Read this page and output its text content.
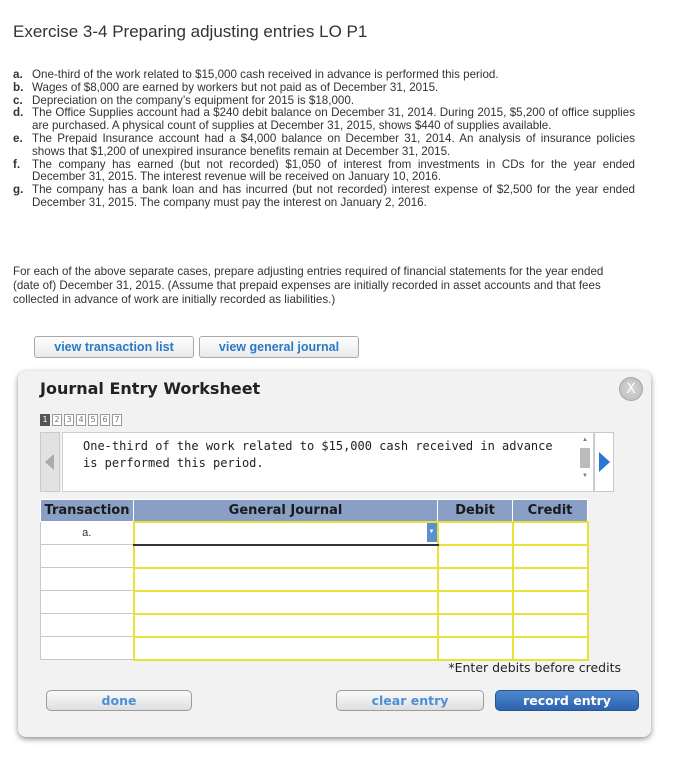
Exercise 3-4 Preparing adjusting entries LO P1
a. One-third of the work related to $15,000 cash received in advance is performed this period.
b. Wages of $8,000 are earned by workers but not paid as of December 31, 2015.
c. Depreciation on the company’s equipment for 2015 is $18,000.
d. The Office Supplies account had a $240 debit balance on December 31, 2014. During 2015, $5,200 of office supplies are purchased. A physical count of supplies at December 31, 2015, shows $440 of supplies available.
e. The Prepaid Insurance account had a $4,000 balance on December 31, 2014. An analysis of insurance policies shows that $1,200 of unexpired insurance benefits remain at December 31, 2015.
f.	The company has earned (but not recorded) $1,050 of interest from investments in CDs for the year ended December 31, 2015. The interest revenue will be received on January 10, 2016.
g. The company has a bank loan and has incurred (but not recorded) interest expense of $2,500 for the year ended December 31, 2015. The company must pay the interest on January 2, 2016.

For each of the above separate cases, prepare adjusting entries required of financial statements for the year ended (date of) December 31, 2015. (Assume that prepaid expenses are initially recorded in asset accounts and that fees collected in advance of work are initially recorded as liabilities.)

view transaction list	view general journal
Journal Entry Worksheet	X
1 2 3 4 5 6 7
One-third of the work related to $15,000 cash received in advance is performed this period.
▲
▼
Transaction	General Journal	Debit	Credit
a.	▼		

*Enter debits before credits

done	clear entry	record entry
